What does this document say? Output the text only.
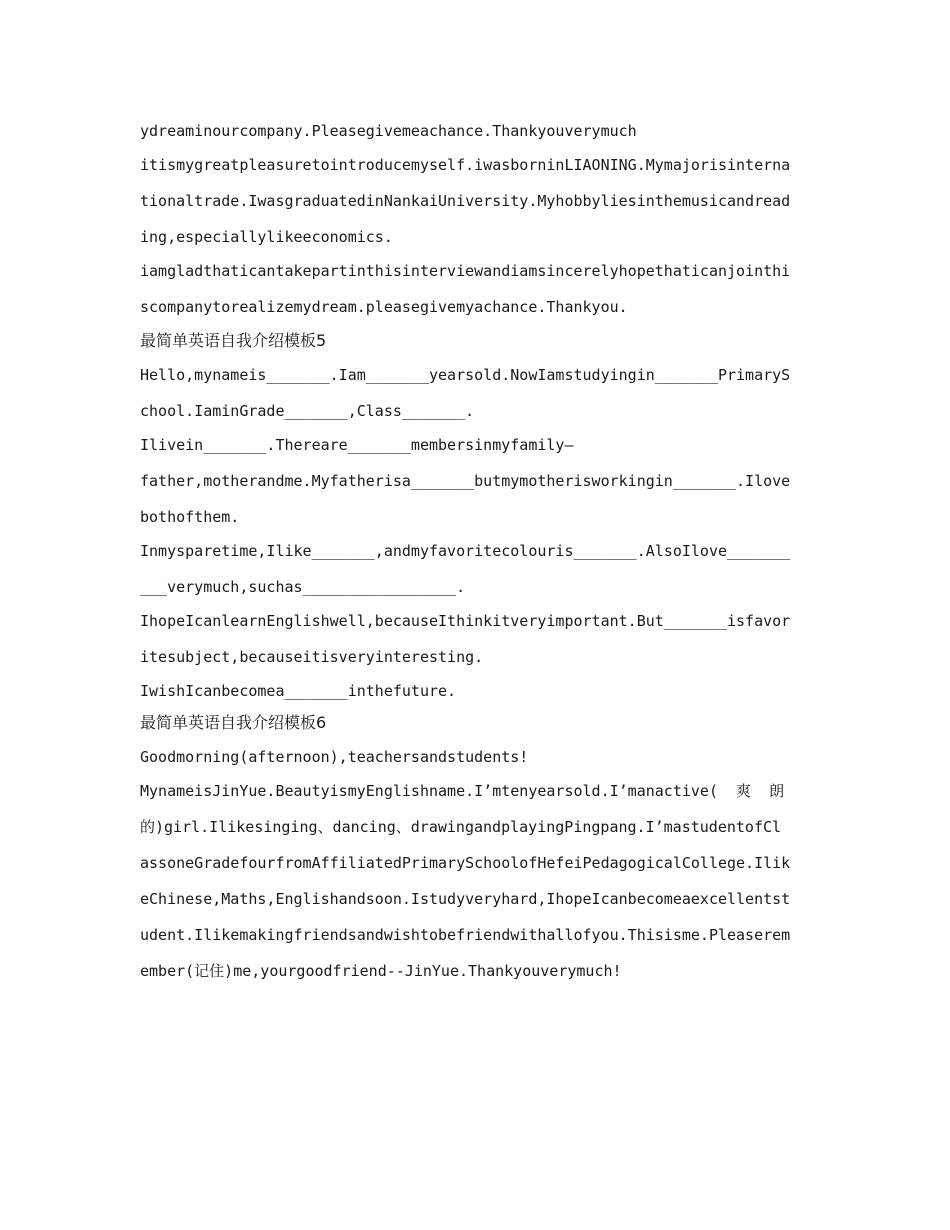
ydreaminourcompany.Pleasegivemeachance.Thankyouverymuch
itismygreatpleasuretointroducemyself.iwasborninLIAONING.Mymajorisinterna
tionaltrade.IwasgraduatedinNankaiUniversity.Myhobbyliesinthemusicandread
ing,especiallylikeeconomics.
iamgladthaticantakepartinthisinterviewandiamsincerelyhopethaticanjointhi
scompanytorealizemydream.pleasegivemyachance.Thankyou.
最简单英语自我介绍模板5
Hello,mynameis_______.Iam_______yearsold.NowIamstudyingin_______PrimaryS
chool.IaminGrade_______,Class_______.
Ilivein_______.Thereare_______membersinmyfamily—
father,motherandme.Myfatherisa_______butmymotherisworkingin_______.Ilove
bothofthem.
Inmysparetime,Ilike_______,andmyfavoritecolouris_______.AlsoIlove_______
___verymuch,suchas_________________.
IhopeIcanlearnEnglishwell,becauseIthinkitveryimportant.But_______isfavor
itesubject,becauseitisveryinteresting.
IwishIcanbecomea_______inthefuture.
最简单英语自我介绍模板6
Goodmorning(afternoon),teachersandstudents!
MynameisJinYue.BeautyismyEnglishname.I’mtenyearsold.I’manactive(  爽  朗
的)girl.Ilikesinging、dancing、drawingandplayingPingpang.I’mastudentofCl
assoneGradefourfromAffiliatedPrimarySchoolofHefeiPedagogicalCollege.Ilik
eChinese,Maths,Englishandsoon.Istudyveryhard,IhopeIcanbecomeaexcellentst
udent.Ilikemakingfriendsandwishtobefriendwithallofyou.Thisisme.Pleaserem
ember(记住)me,yourgoodfriend--JinYue.Thankyouverymuch!
